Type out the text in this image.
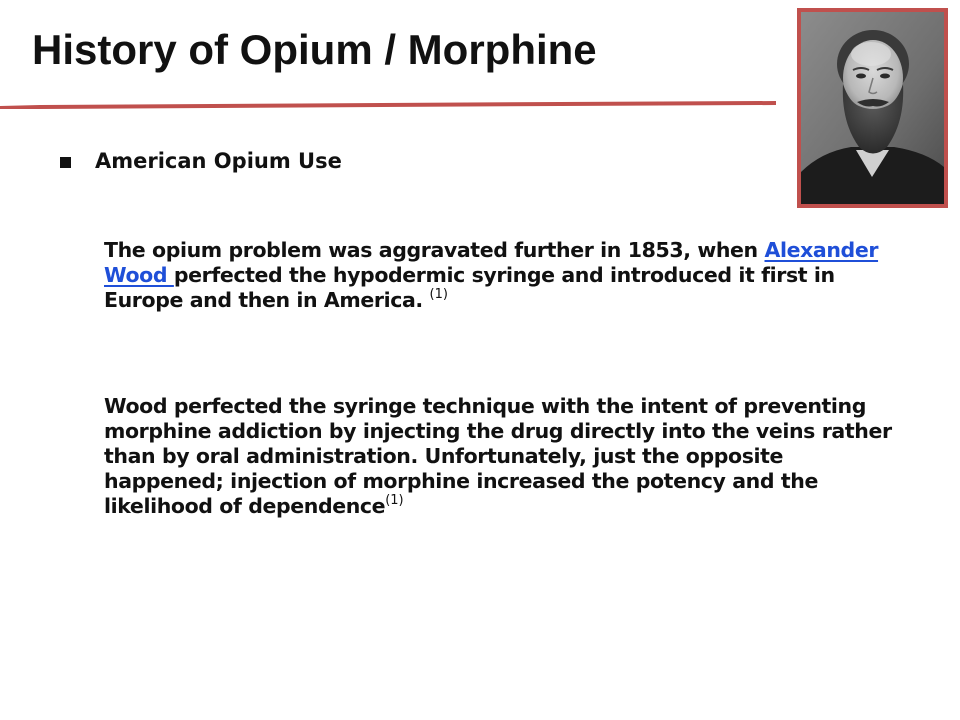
History of Opium / Morphine
American Opium Use
The opium problem was aggravated further in 1853, when Alexander Wood perfected the hypodermic syringe and introduced it first in Europe and then in America. $^{(1)}$
Wood perfected the syringe technique with the intent of preventing morphine addiction by injecting the drug directly into the veins rather than by oral administration. Unfortunately, just the opposite happened; injection of morphine increased the potency and the likelihood of dependence$^{(1)}$
